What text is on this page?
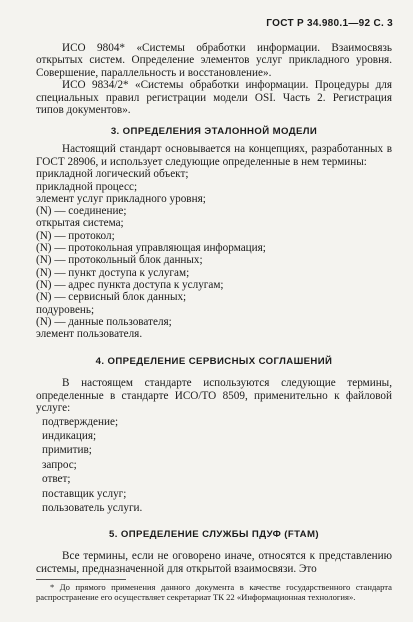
ГОСТ Р 34.980.1—92 С. 3

ИСО 9804* «Системы обработки информации. Взаимосвязь открытых систем. Определение элементов услуг прикладного уровня. Совершение, параллельность и восстановление».

ИСО 9834/2* «Системы обработки информации. Процедуры для специальных правил регистрации модели OSI. Часть 2. Регистрация типов документов».

3. ОПРЕДЕЛЕНИЯ ЭТАЛОННОЙ МОДЕЛИ

Настоящий стандарт основывается на концепциях, разработанных в ГОСТ 28906, и использует следующие определенные в нем термины:

прикладной логический объект;
прикладной процесс;
элемент услуг прикладного уровня;
(N) — соединение;
открытая система;
(N) — протокол;
(N) — протокольная управляющая информация;
(N) — протокольный блок данных;
(N) — пункт доступа к услугам;
(N) — адрес пункта доступа к услугам;
(N) — сервисный блок данных;
подуровень;
(N) — данные пользователя;
элемент пользователя.
4. ОПРЕДЕЛЕНИЕ СЕРВИСНЫХ СОГЛАШЕНИЙ

В настоящем стандарте используются следующие термины, определенные в стандарте ИСО/ТО 8509, применительно к файловой услуге:

подтверждение;
индикация;
примитив;
запрос;
ответ;
поставщик услуг;
пользователь услуги.
5. ОПРЕДЕЛЕНИЕ СЛУЖБЫ ПДУФ (FTAM)

Все термины, если не оговорено иначе, относятся к представлению системы, предназначенной для открытой взаимосвязи. Это

* До прямого применения данного документа в качестве государственного стандарта распространение его осуществляет секретариат ТК 22 «Информационная технология».
